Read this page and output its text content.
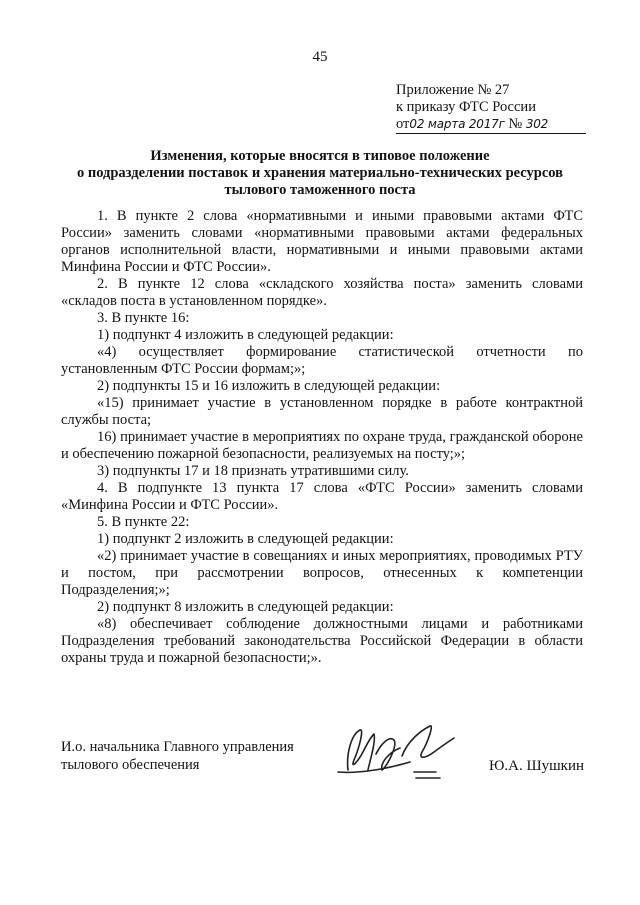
45
Приложение № 27
к приказу ФТС России
от02 марта 2017г № 302
Изменения, которые вносятся в типовое положение
о подразделении поставок и хранения материально-технических ресурсов
тылового таможенного поста

1. В пункте 2 слова «нормативными и иными правовыми актами ФТС России» заменить словами «нормативными правовыми актами федеральных органов исполнительной власти, нормативными и иными правовыми актами Минфина России и ФТС России».

2. В пункте 12 слова «складского хозяйства поста» заменить словами «складов поста в установленном порядке».

3. В пункте 16:

1) подпункт 4 изложить в следующей редакции:

«4) осуществляет формирование статистической отчетности по установленным ФТС России формам;»;

2) подпункты 15 и 16 изложить в следующей редакции:

«15) принимает участие в установленном порядке в работе контрактной службы поста;

16) принимает участие в мероприятиях по охране труда, гражданской обороне и обеспечению пожарной безопасности, реализуемых на посту;»;

3) подпункты 17 и 18 признать утратившими силу.

4. В подпункте 13 пункта 17 слова «ФТС России» заменить словами «Минфина России и ФТС России».

5. В пункте 22:

1) подпункт 2 изложить в следующей редакции:

«2) принимает участие в совещаниях и иных мероприятиях, проводимых РТУ и постом, при рассмотрении вопросов, отнесенных к компетенции Подразделения;»;

2) подпункт 8 изложить в следующей редакции:

«8) обеспечивает соблюдение должностными лицами и работниками Подразделения требований законодательства Российской Федерации в области охраны труда и пожарной безопасности;».

И.о. начальника Главного управления
тылового обеспечения	Ю.А. Шушкин
